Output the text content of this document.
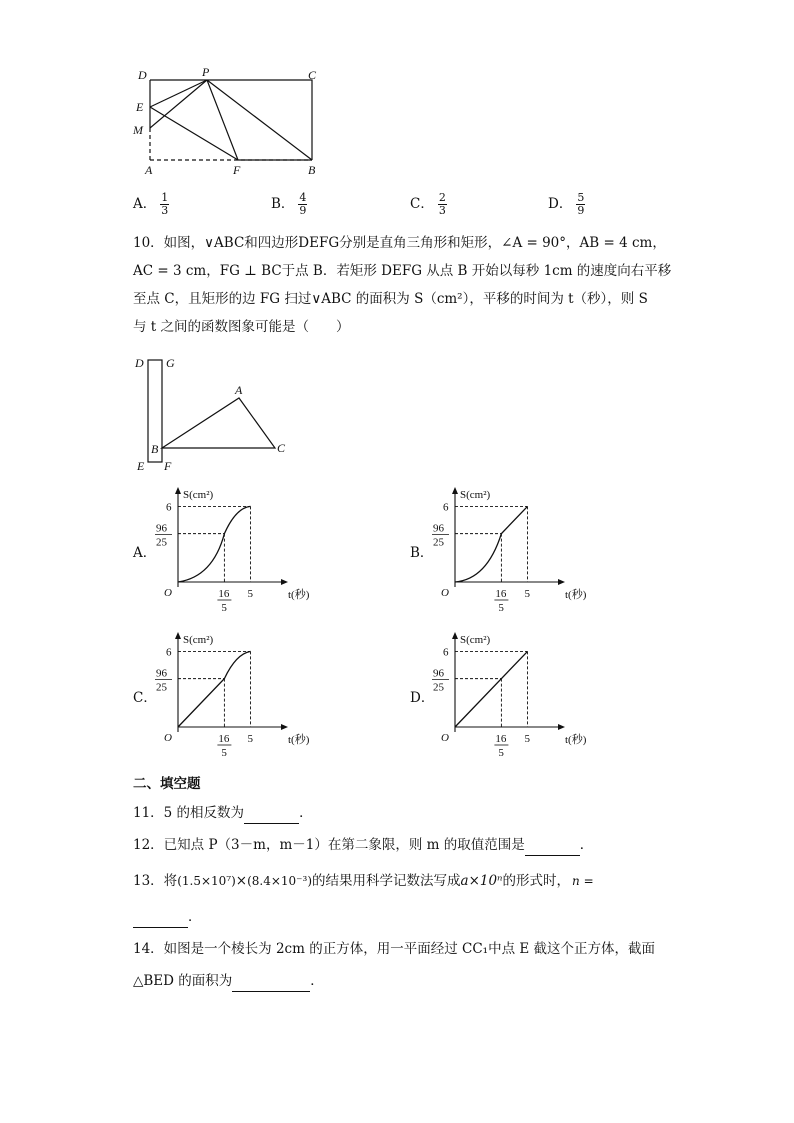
D	P	C
E
M
A	F	B
A． $\frac{1}{3}$	B． $\frac{4}{9}$	C． $\frac{2}{3}$	D． $\frac{5}{9}$
10．如图，∨ABC和四边形DEFG分别是直角三角形和矩形，∠A = 90°，AB = 4 cm，
AC = 3 cm，FG ⊥ BC于点 B．若矩形 DEFG 从点 B 开始以每秒 1cm 的速度向右平移
至点 C，且矩形的边 FG 扫过∨ABC 的面积为 S（cm²），平移的时间为 t（秒），则 S
与 t 之间的函数图象可能是（　　）
D G
A
B	C
E F
A．	B．
C．	D．
S(cm²)
t(秒)
6
96
25
O	16
5
5
S(cm²)
t(秒)
6
96
25
O	16
5
5
S(cm²)
t(秒)
6
96
25
O	16
5
5
S(cm²)
t(秒)
6
96
25
O	16
5
5
二、填空题
11．5 的相反数为	．
12．已知点 P（3－m，m－1）在第二象限，则 m 的取值范围是	．
13．将(1.5×10⁷)×(8.4×10⁻³)的结果用科学记数法写成a×10ⁿ的形式时， n =
．
14．如图是一个棱长为 2cm 的正方体，用一平面经过 CC₁中点 E 截这个正方体，截面
△BED 的面积为	．
